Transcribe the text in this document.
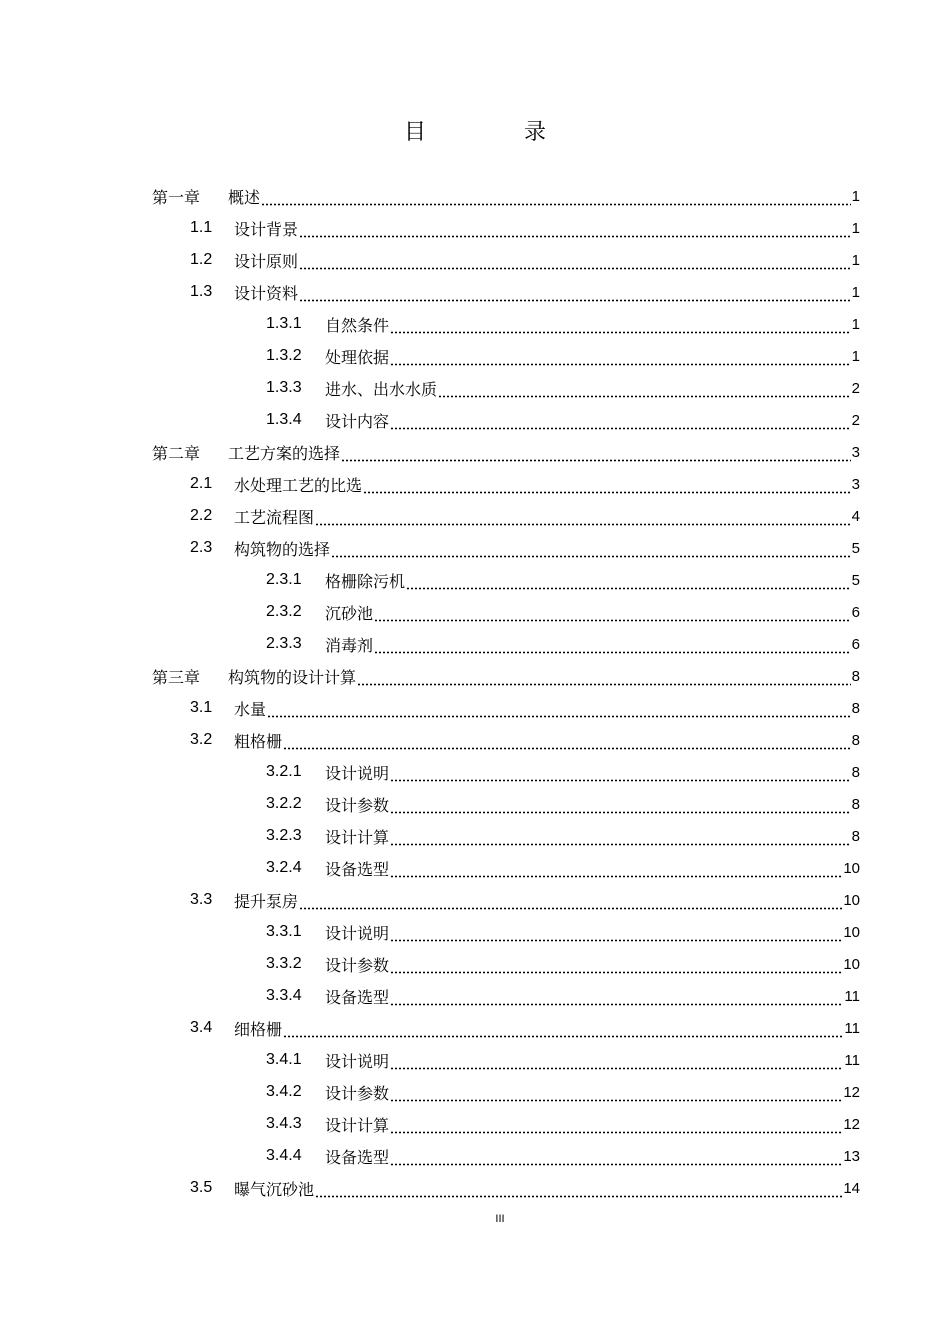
目　录
第一章	概述	1
1.1	设计背景	1
1.2	设计原则	1
1.3	设计资料	1
1.3.1	自然条件	1
1.3.2	处理依据	1
1.3.3	进水、出水水质	2
1.3.4	设计内容	2
第二章	工艺方案的选择	3
2.1	水处理工艺的比选	3
2.2	工艺流程图	4
2.3	构筑物的选择	5
2.3.1	格栅除污机	5
2.3.2	沉砂池	6
2.3.3	消毒剂	6
第三章	构筑物的设计计算	8
3.1	水量	8
3.2	粗格栅	8
3.2.1	设计说明	8
3.2.2	设计参数	8
3.2.3	设计计算	8
3.2.4	设备选型	10
3.3	提升泵房	10
3.3.1	设计说明	10
3.3.2	设计参数	10
3.3.4	设备选型	11
3.4	细格栅	11
3.4.1	设计说明	11
3.4.2	设计参数	12
3.4.3	设计计算	12
3.4.4	设备选型	13
3.5	曝气沉砂池	14
III
